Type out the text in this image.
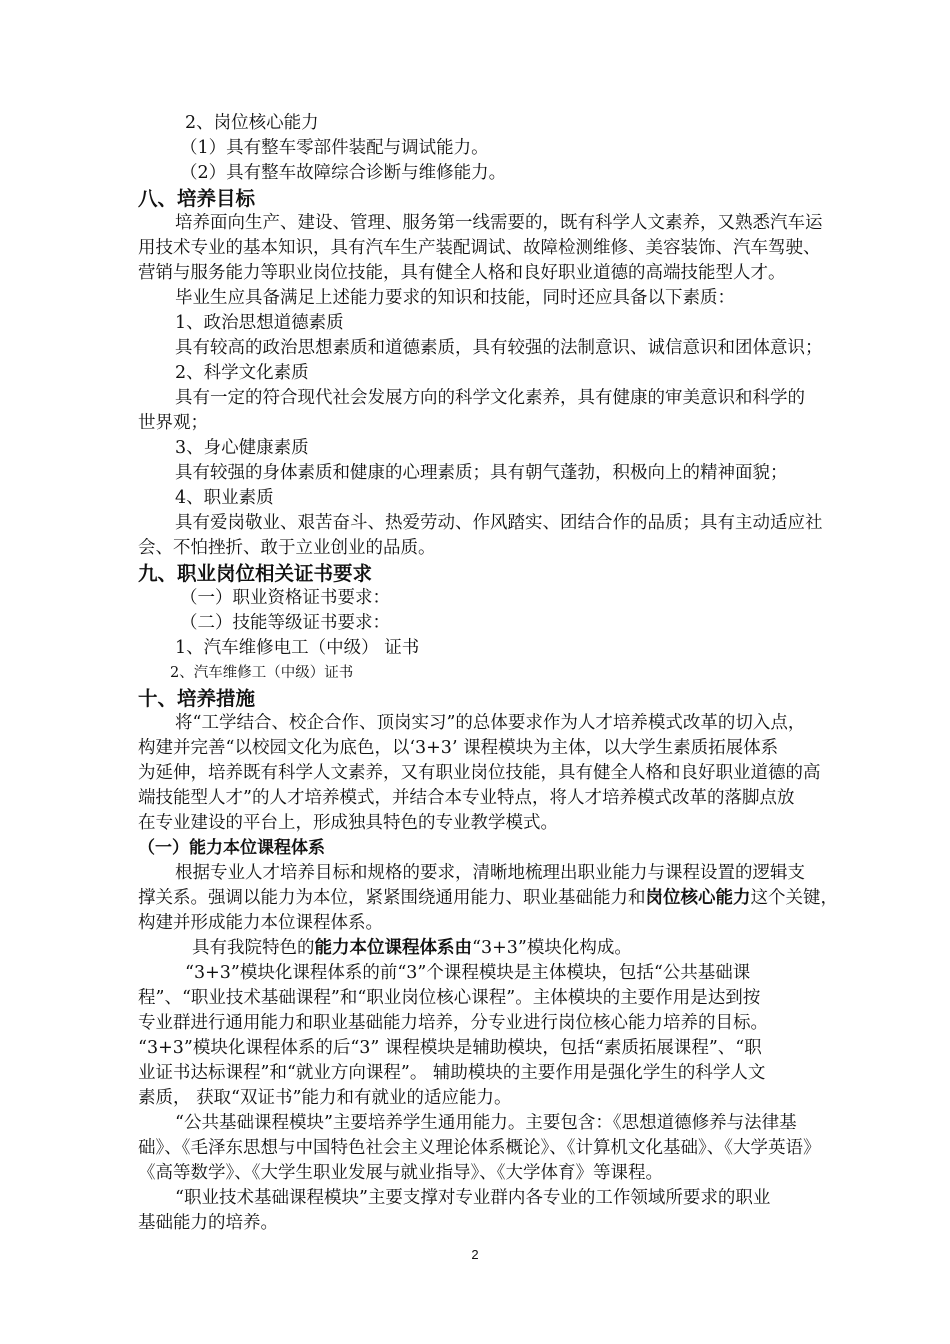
2、岗位核心能力
（1）具有整车零部件装配与调试能力。
（2）具有整车故障综合诊断与维修能力。
八、培养目标
培养面向生产、建设、管理、服务第一线需要的，既有科学人文素养，又熟悉汽车运
用技术专业的基本知识，具有汽车生产装配调试、故障检测维修、美容装饰、汽车驾驶、
营销与服务能力等职业岗位技能，具有健全人格和良好职业道德的高端技能型人才。
毕业生应具备满足上述能力要求的知识和技能，同时还应具备以下素质：
1、政治思想道德素质
具有较高的政治思想素质和道德素质，具有较强的法制意识、诚信意识和团体意识；
2、科学文化素质
具有一定的符合现代社会发展方向的科学文化素养，具有健康的审美意识和科学的
世界观；
3、身心健康素质
具有较强的身体素质和健康的心理素质；具有朝气蓬勃，积极向上的精神面貌；
4、职业素质
具有爱岗敬业、艰苦奋斗、热爱劳动、作风踏实、团结合作的品质；具有主动适应社
会、不怕挫折、敢于立业创业的品质。
九、职业岗位相关证书要求
（一）职业资格证书要求：
（二）技能等级证书要求：
1、汽车维修电工（中级） 证书
2、汽车维修工（中级）证书
十、培养措施
将“工学结合、校企合作、顶岗实习”的总体要求作为人才培养模式改革的切入点，
构建并完善“以校园文化为底色，以‘3+3’ 课程模块为主体，以大学生素质拓展体系
为延伸，培养既有科学人文素养，又有职业岗位技能，具有健全人格和良好职业道德的高
端技能型人才”的人才培养模式，并结合本专业特点，将人才培养模式改革的落脚点放
在专业建设的平台上，形成独具特色的专业教学模式。
（一）能力本位课程体系
根据专业人才培养目标和规格的要求，清晰地梳理出职业能力与课程设置的逻辑支
撑关系。强调以能力为本位，紧紧围绕通用能力、职业基础能力和岗位核心能力这个关键，
构建并形成能力本位课程体系。
具有我院特色的能力本位课程体系由“3+3”模块化构成。
“3+3”模块化课程体系的前“3”个课程模块是主体模块，包括“公共基础课
程”、“职业技术基础课程”和“职业岗位核心课程”。主体模块的主要作用是达到按
专业群进行通用能力和职业基础能力培养，分专业进行岗位核心能力培养的目标。
“3+3”模块化课程体系的后“3” 课程模块是辅助模块，包括“素质拓展课程”、“职
业证书达标课程”和“就业方向课程”。 辅助模块的主要作用是强化学生的科学人文
素质， 获取“双证书”能力和有就业的适应能力。
“公共基础课程模块”主要培养学生通用能力。主要包含：《思想道德修养与法律基
础》、《毛泽东思想与中国特色社会主义理论体系概论》、《计算机文化基础》、《大学英语》
《高等数学》、《大学生职业发展与就业指导》、《大学体育》等课程。
“职业技术基础课程模块”主要支撑对专业群内各专业的工作领域所要求的职业
基础能力的培养。
2
